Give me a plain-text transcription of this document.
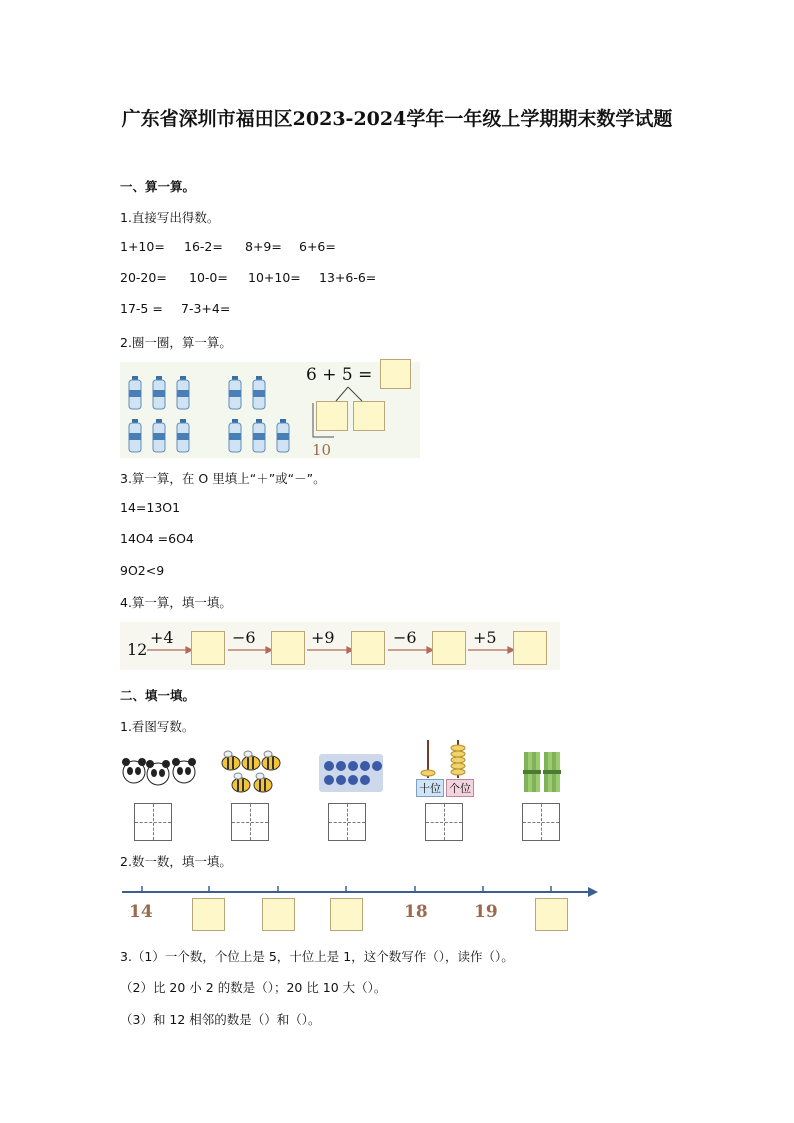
广东省深圳市福田区2023-2024学年一年级上学期期末数学试题
一、算一算。
1.直接写出得数。
1+10= 16-2= 8+9= 6+6=
20-20= 10-0= 10+10= 13+6-6=
17-5 = 7-3+4=
2.圈一圈，算一算。
6 + 5 =
10
3.算一算，在 O 里填上“＋”或“－”。
14=13O1
14O4 =6O4
9O2<9
4.算一算，填一填。
12
+4	−6	+9	−6	+5
二、填一填。
1.看图写数。
十位 个位
2.数一数，填一填。
14	18	19
3.（1）一个数，个位上是 5，十位上是 1，这个数写作（），读作（）。
（2）比 20 小 2 的数是（）；20 比 10 大（）。
（3）和 12 相邻的数是（）和（）。
